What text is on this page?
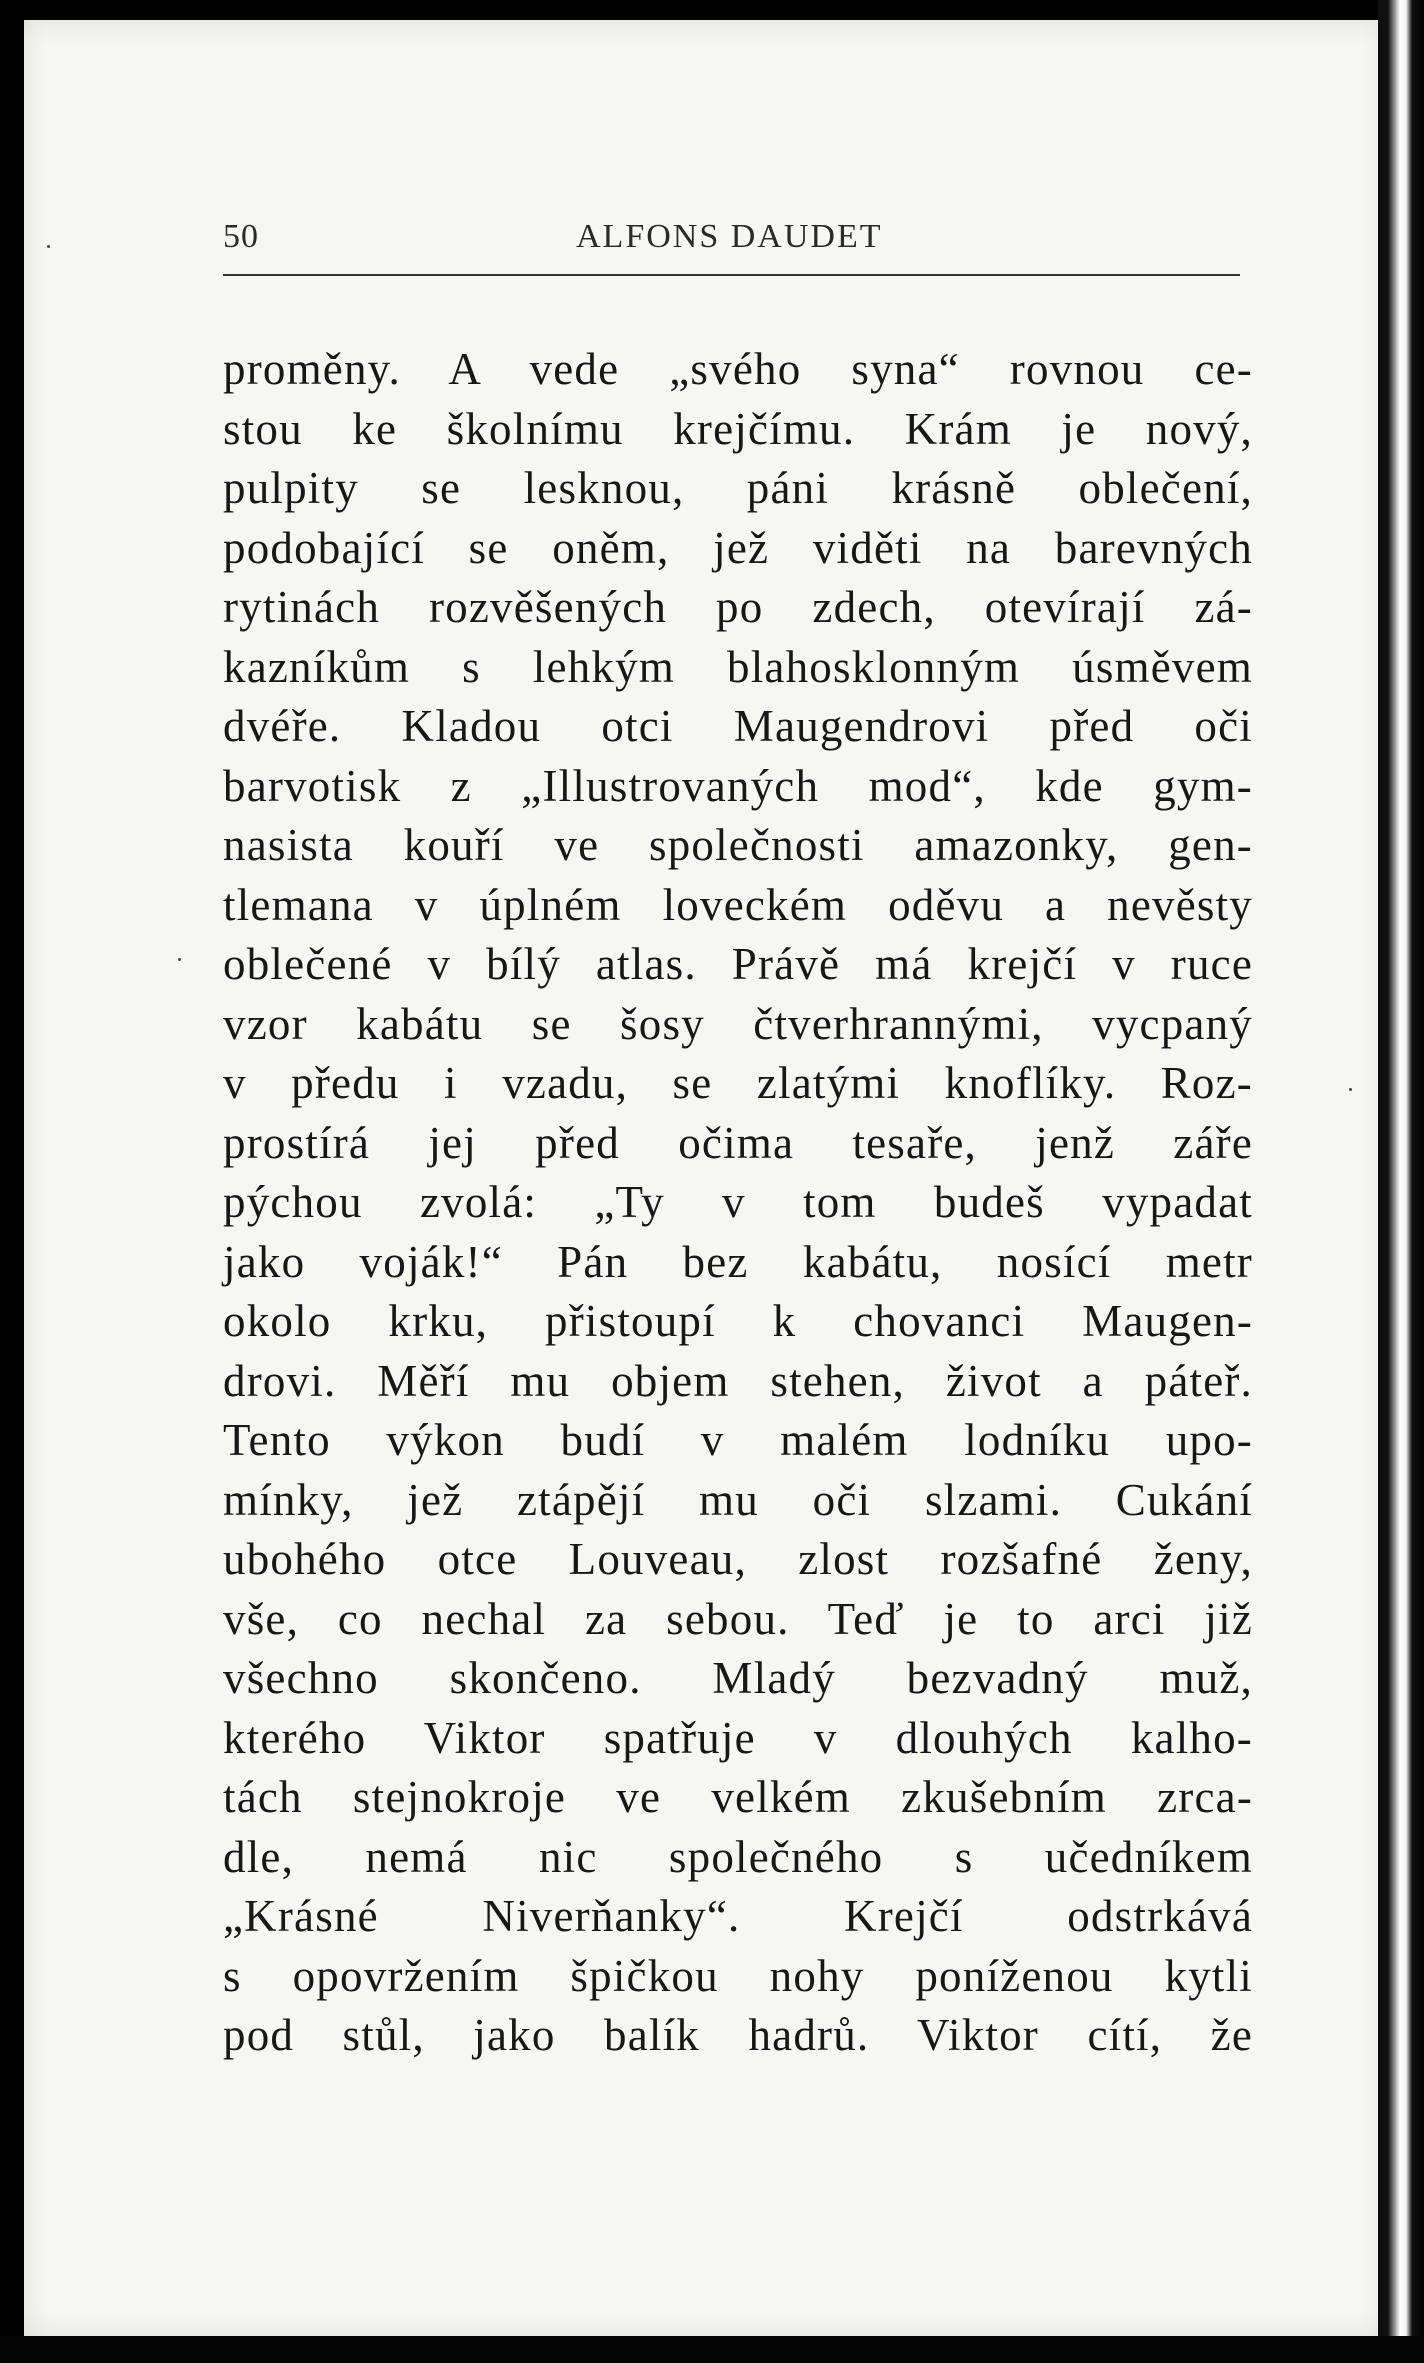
50	ALFONS DAUDET
proměny. A vede „svého syna“ rovnou ce-
stou ke školnímu krejčímu. Krám je nový,
pulpity se lesknou, páni krásně oblečení,
podobající se oněm, jež viděti na barevných
rytinách rozvěšených po zdech, otevírají zá-
kazníkům s lehkým blahosklonným úsměvem
dvéře. Kladou otci Maugendrovi před oči
barvotisk z „Illustrovaných mod“, kde gym-
nasista kouří ve společnosti amazonky, gen-
tlemana v úplném loveckém oděvu a nevěsty
oblečené v bílý atlas. Právě má krejčí v ruce
vzor kabátu se šosy čtverhrannými, vycpaný
v předu i vzadu, se zlatými knoflíky. Roz-
prostírá jej před očima tesaře, jenž záře
pýchou zvolá: „Ty v tom budeš vypadat
jako voják!“ Pán bez kabátu, nosící metr
okolo krku, přistoupí k chovanci Maugen-
drovi. Měří mu objem stehen, život a páteř.
Tento výkon budí v malém lodníku upo-
mínky, jež ztápějí mu oči slzami. Cukání
ubohého otce Louveau, zlost rozšafné ženy,
vše, co nechal za sebou. Teď je to arci již
všechno skončeno. Mladý bezvadný muž,
kterého Viktor spatřuje v dlouhých kalho-
tách stejnokroje ve velkém zkušebním zrca-
dle, nemá nic společného s učedníkem
„Krásné Niverňanky“. Krejčí odstrkává
s opovržením špičkou nohy poníženou kytli
pod stůl, jako balík hadrů. Viktor cítí, že
